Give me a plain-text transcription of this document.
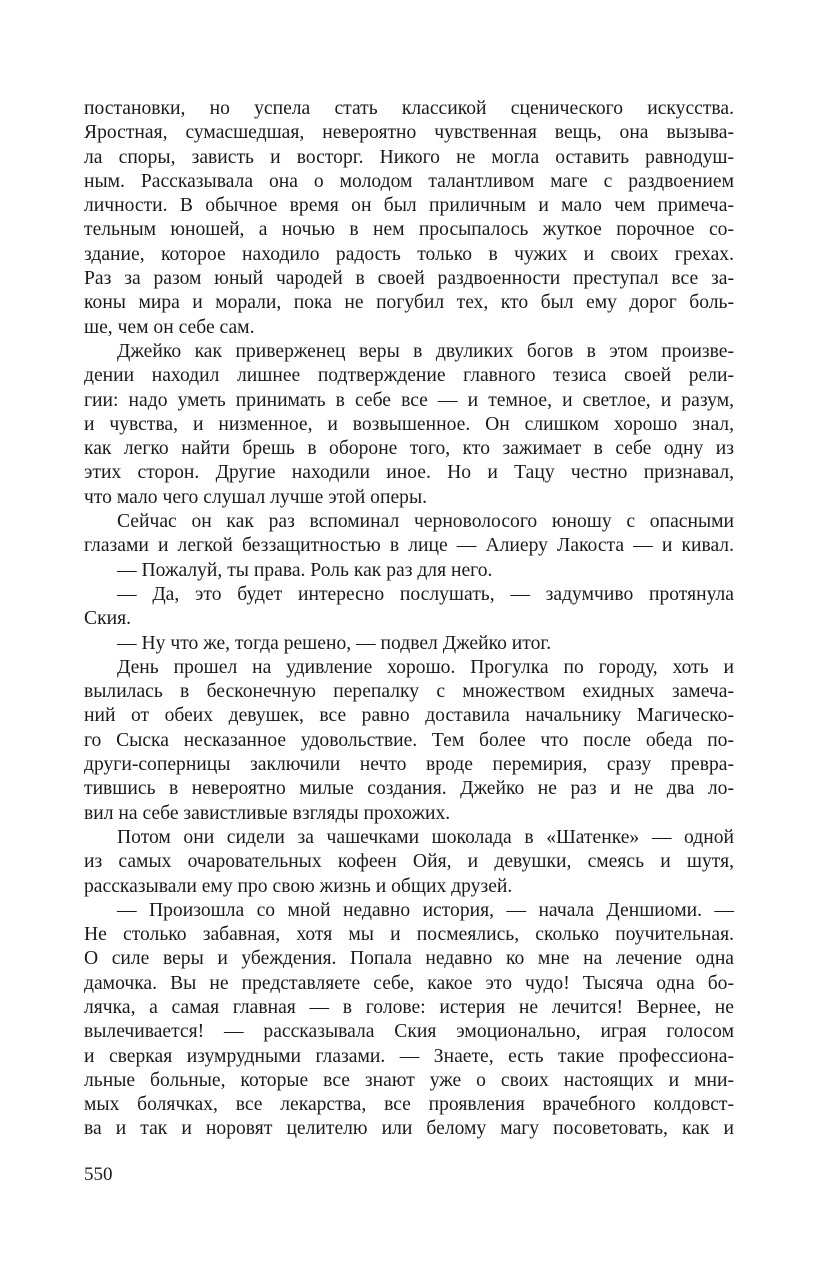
постановки, но успела стать классикой сценического искусства.
Яростная, сумасшедшая, невероятно чувственная вещь, она вызыва-
ла споры, зависть и восторг. Никого не могла оставить равнодуш-
ным. Рассказывала она о молодом талантливом маге с раздвоением
личности. В обычное время он был приличным и мало чем примеча-
тельным юношей, а ночью в нем просыпалось жуткое порочное со-
здание, которое находило радость только в чужих и своих грехах.
Раз за разом юный чародей в своей раздвоенности преступал все за-
коны мира и морали, пока не погубил тех, кто был ему дорог боль-
ше, чем он себе сам.
Джейко как приверженец веры в двуликих богов в этом произве-
дении находил лишнее подтверждение главного тезиса своей рели-
гии: надо уметь принимать в себе все — и темное, и светлое, и разум,
и чувства, и низменное, и возвышенное. Он слишком хорошо знал,
как легко найти брешь в обороне того, кто зажимает в себе одну из
этих сторон. Другие находили иное. Но и Тацу честно признавал,
что мало чего слушал лучше этой оперы.
Сейчас он как раз вспоминал черноволосого юношу с опасными
глазами и легкой беззащитностью в лице — Алиеру Лакоста — и кивал.
— Пожалуй, ты права. Роль как раз для него.
— Да, это будет интересно послушать, — задумчиво протянула
Ския.
— Ну что же, тогда решено, — подвел Джейко итог.
День прошел на удивление хорошо. Прогулка по городу, хоть и
вылилась в бесконечную перепалку с множеством ехидных замеча-
ний от обеих девушек, все равно доставила начальнику Магическо-
го Сыска несказанное удовольствие. Тем более что после обеда по-
други-соперницы заключили нечто вроде перемирия, сразу превра-
тившись в невероятно милые создания. Джейко не раз и не два ло-
вил на себе завистливые взгляды прохожих.
Потом они сидели за чашечками шоколада в «Шатенке» — одной
из самых очаровательных кофеен Ойя, и девушки, смеясь и шутя,
рассказывали ему про свою жизнь и общих друзей.
— Произошла со мной недавно история, — начала Деншиоми. —
Не столько забавная, хотя мы и посмеялись, сколько поучительная.
О силе веры и убеждения. Попала недавно ко мне на лечение одна
дамочка. Вы не представляете себе, какое это чудо! Тысяча одна бо-
лячка, а самая главная — в голове: истерия не лечится! Вернее, не
вылечивается! — рассказывала Ския эмоционально, играя голосом
и сверкая изумрудными глазами. — Знаете, есть такие профессиона-
льные больные, которые все знают уже о своих настоящих и мни-
мых болячках, все лекарства, все проявления врачебного колдовст-
ва и так и норовят целителю или белому магу посоветовать, как и
550
